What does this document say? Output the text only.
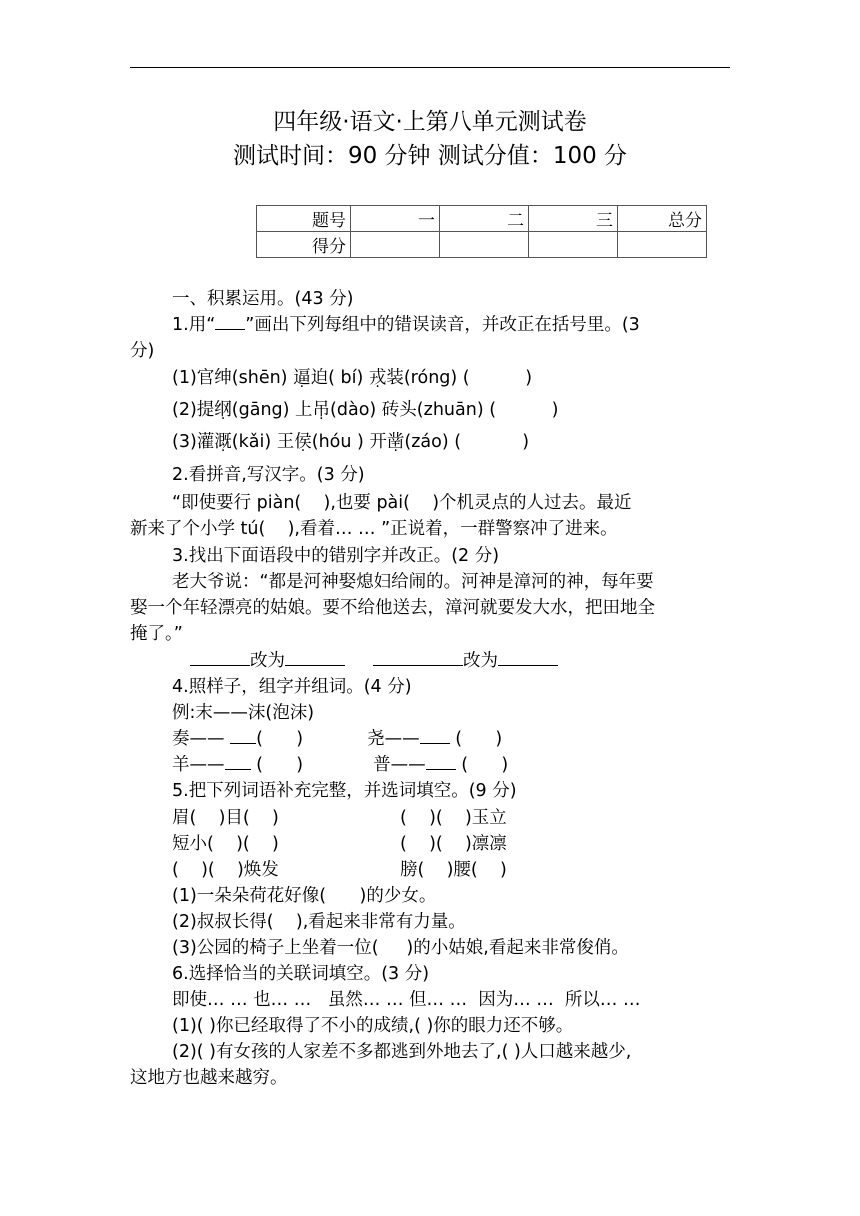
四年级·语文·上第八单元测试卷
测试时间：90 分钟 测试分值：100 分
题号	一	二	三	总分
得分				
一、积累运用。(43 分)
1.用“ ”画出下列每组中的错误读音，并改正在括号里。(3
分)
(1)官绅(shēn) 逼迫( bí) 戎装(róng) (          )
(2)提纲(gāng) 上吊(dào) 砖头(zhuān) (          )
(3)灌溉(kǎi) 王侯(hóu ) 开凿(záo) (           )
2.看拼音,写汉字。(3 分)
“即使要行 piàn(    ),也要 pài(    )个机灵点的人过去。最近
新来了个小学 tú(    ),看着… … ”正说着，一群警察冲了进来。
3.找出下面语段中的错别字并改正。(2 分)
老大爷说：“都是河神娶熄妇给闹的。河神是漳河的神，每年要
娶一个年轻漂亮的姑娘。要不给他送去，漳河就要发大水，把田地全
掩了。”
改为	改为
4.照样子，组字并组词。(4 分)
例:末——沫(泡沫)
奏—— (      )	尧—— (      )
羊—— (      )	普—— (      )
5.把下列词语补充完整，并选词填空。(9 分)
眉(    )目(    )	(    )(    )玉立
短小(    )(    )	(    )(    )凛凛
(    )(    )焕发	膀(    )腰(    )
(1)一朵朵荷花好像(      )的少女。
(2)叔叔长得(    ),看起来非常有力量。
(3)公园的椅子上坐着一位(     )的小姑娘,看起来非常俊俏。
6.选择恰当的关联词填空。(3 分)
即使… … 也… …   虽然… … 但… …  因为… …  所以… …
(1)( )你已经取得了不小的成绩,( )你的眼力还不够。
(2)( )有女孩的人家差不多都逃到外地去了,( )人口越来越少,
这地方也越来越穷。
